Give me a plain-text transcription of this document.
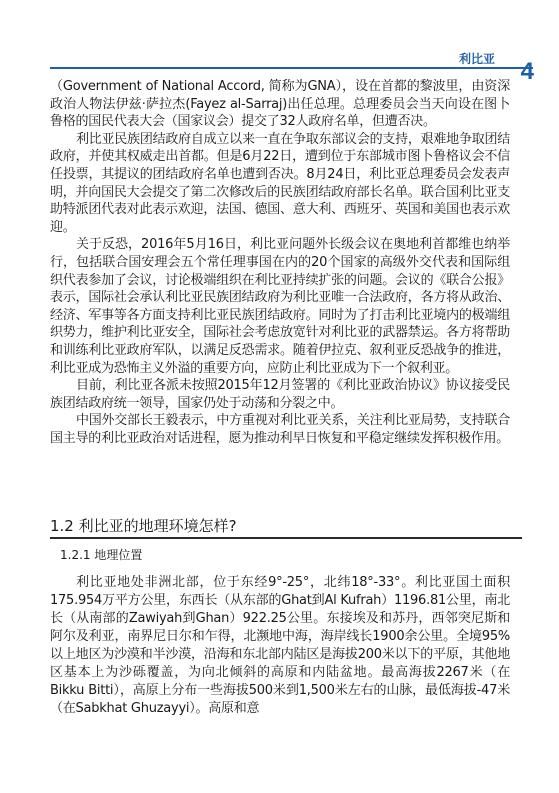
利比亚 4

（Government of National Accord, 简称为GNA），设在首都的黎波里，由资深政治人物法伊兹·萨拉杰(Fayez al-Sarraj)出任总理。总理委员会当天向设在图卜鲁格的国民代表大会（国家议会）提交了32人政府名单，但遭否决。

利比亚民族团结政府自成立以来一直在争取东部议会的支持，艰难地争取团结政府，并使其权威走出首都。但是6月22日，遭到位于东部城市图卜鲁格议会不信任投票，其提议的团结政府名单也遭到否决。8月24日，利比亚总理委员会发表声明，并向国民大会提交了第二次修改后的民族团结政府部长名单。联合国利比亚支助特派团代表对此表示欢迎，法国、德国、意大利、西班牙、英国和美国也表示欢迎。

关于反恐，2016年5月16日，利比亚问题外长级会议在奥地利首都维也纳举行，包括联合国安理会五个常任理事国在内的20个国家的高级外交代表和国际组织代表参加了会议，讨论极端组织在利比亚持续扩张的问题。会议的《联合公报》表示，国际社会承认利比亚民族团结政府为利比亚唯一合法政府，各方将从政治、经济、军事等各方面支持利比亚民族团结政府。同时为了打击利比亚境内的极端组织势力，维护利比亚安全，国际社会考虑放宽针对利比亚的武器禁运。各方将帮助和训练利比亚政府军队，以满足反恐需求。随着伊拉克、叙利亚反恐战争的推进，利比亚成为恐怖主义外溢的重要方向，应防止利比亚成为下一个叙利亚。

目前，利比亚各派未按照2015年12月签署的《利比亚政治协议》协议接受民族团结政府统一领导，国家仍处于动荡和分裂之中。

中国外交部长王毅表示，中方重视对利比亚关系，关注利比亚局势，支持联合国主导的利比亚政治对话进程，愿为推动利早日恢复和平稳定继续发挥积极作用。

1.2 利比亚的地理环境怎样?
1.2.1 地理位置

利比亚地处非洲北部，位于东经9°-25°，北纬18°-33°。利比亚国土面积175.954万平方公里，东西长（从东部的Ghat到Al Kufrah）1196.81公里，南北长（从南部的Zawiyah到Ghan）922.25公里。东接埃及和苏丹，西邻突尼斯和阿尔及利亚，南界尼日尔和乍得，北濒地中海，海岸线长1900余公里。全境95%以上地区为沙漠和半沙漠，沿海和东北部内陆区是海拔200米以下的平原，其他地区基本上为沙砾覆盖，为向北倾斜的高原和内陆盆地。最高海拔2267米（在Bikku Bitti），高原上分布一些海拔500米到1,500米左右的山脉，最低海拔-47米（在Sabkhat Ghuzayyi）。高原和意
